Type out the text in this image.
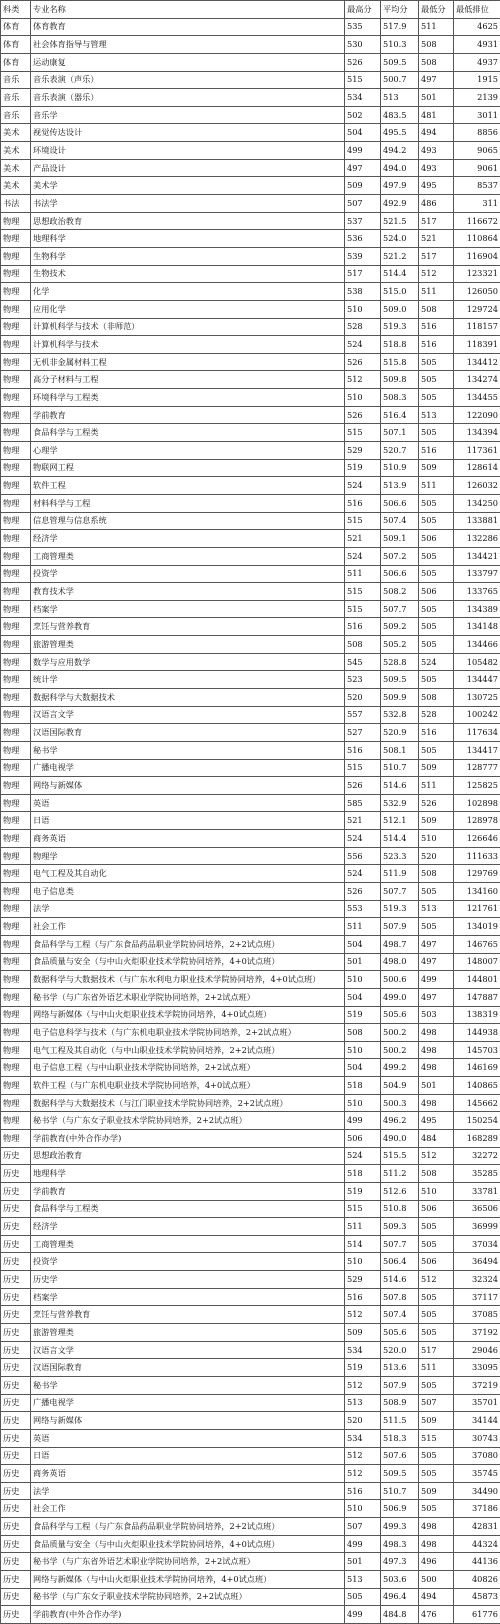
科类	专业名称	最高分	平均分	最低分	最低排位
体育	体育教育	535	517.9	511	4625
体育	社会体育指导与管理	530	510.3	508	4931
体育	运动康复	526	509.5	508	4937
音乐	音乐表演（声乐）	515	500.7	497	1915
音乐	音乐表演（器乐）	534	513	501	2139
音乐	音乐学	502	483.5	481	3011
美术	视觉传达设计	504	495.5	494	8856
美术	环境设计	499	494.2	493	9065
美术	产品设计	497	494.0	493	9061
美术	美术学	509	497.9	495	8537
书法	书法学	507	492.9	486	311
物理	思想政治教育	537	521.5	517	116672
物理	地理科学	536	524.0	521	110864
物理	生物科学	539	521.2	517	116904
物理	生物技术	517	514.4	512	123321
物理	化学	538	515.0	511	126050
物理	应用化学	510	509.0	508	129724
物理	计算机科学与技术（非师范）	528	519.3	516	118157
物理	计算机科学与技术	524	518.8	516	118391
物理	无机非金属材料工程	526	515.8	505	134412
物理	高分子材料与工程	512	509.8	505	134274
物理	环境科学与工程类	510	508.3	505	134455
物理	学前教育	526	516.4	513	122090
物理	食品科学与工程类	515	507.1	505	134394
物理	心理学	529	520.7	516	117361
物理	物联网工程	519	510.9	509	128614
物理	软件工程	524	513.9	511	126032
物理	材料科学与工程	516	506.6	505	134250
物理	信息管理与信息系统	515	507.4	505	133881
物理	经济学	521	509.1	506	132286
物理	工商管理类	524	507.2	505	134421
物理	投资学	511	506.6	505	133797
物理	教育技术学	515	508.2	506	133765
物理	档案学	515	507.7	505	134389
物理	烹饪与营养教育	516	509.2	505	134148
物理	旅游管理类	508	505.2	505	134466
物理	数学与应用数学	545	528.8	524	105482
物理	统计学	523	509.5	505	134447
物理	数据科学与大数据技术	520	509.9	508	130725
物理	汉语言文学	557	532.8	528	100242
物理	汉语国际教育	527	520.9	516	117634
物理	秘书学	516	508.1	505	134417
物理	广播电视学	515	510.7	509	128777
物理	网络与新媒体	526	514.6	511	125825
物理	英语	585	532.9	526	102898
物理	日语	521	512.1	509	128978
物理	商务英语	524	514.4	510	126646
物理	物理学	556	523.3	520	111633
物理	电气工程及其自动化	524	511.9	508	129769
物理	电子信息类	526	507.7	505	134160
物理	法学	553	519.3	513	121761
物理	社会工作	511	507.9	505	134019
物理	食品科学与工程（与广东食品药品职业学院协同培养，2+2试点班）	504	498.7	497	146765
物理	食品质量与安全（与中山火炬职业技术学院协同培养，4+0试点班）	501	498.0	497	148007
物理	数据科学与大数据技术（与广东水利电力职业技术学院协同培养，4+0试点班）	510	500.6	499	144801
物理	秘书学（与广东省外语艺术职业学院协同培养，2+2试点班）	504	499.0	497	147887
物理	网络与新媒体（与中山火炬职业技术学院协同培养，4+0试点班）	519	505.6	503	138319
物理	电子信息科学与技术（与广东机电职业技术学院协同培养，2+2试点班）	508	500.2	498	144938
物理	电气工程及其自动化（与中山职业技术学院协同培养，2+2试点班）	510	500.2	498	145703
物理	电子信息工程（与中山职业技术学院协同培养，2+2试点班）	504	499.2	498	146169
物理	软件工程（与广东机电职业技术学院协同培养，4+0试点班）	518	504.9	501	140865
物理	数据科学与大数据技术（与江门职业技术学院协同培养，2+2试点班）	510	500.3	498	145662
物理	秘书学（与广东女子职业技术学院协同培养，2+2试点班）	499	496.2	495	150254
物理	学前教育(中外合作办学)	506	490.0	484	168289
历史	思想政治教育	524	515.5	512	32272
历史	地理科学	518	511.2	508	35285
历史	学前教育	519	512.6	510	33781
历史	食品科学与工程类	515	510.8	506	36506
历史	经济学	511	509.3	505	36999
历史	工商管理类	514	507.7	505	37034
历史	投资学	510	506.4	506	36494
历史	历史学	529	514.6	512	32324
历史	档案学	516	507.8	505	37117
历史	烹饪与营养教育	512	507.4	505	37085
历史	旅游管理类	509	505.6	505	37192
历史	汉语言文学	534	520.0	517	29046
历史	汉语国际教育	519	513.6	511	33095
历史	秘书学	512	507.9	505	37219
历史	广播电视学	513	508.9	507	35701
历史	网络与新媒体	520	511.5	509	34144
历史	英语	534	518.3	515	30743
历史	日语	512	507.6	505	37080
历史	商务英语	512	509.5	505	35745
历史	法学	516	510.7	509	34490
历史	社会工作	510	506.9	505	37186
历史	食品科学与工程（与广东食品药品职业学院协同培养，2+2试点班）	507	499.3	498	42831
历史	食品质量与安全（与中山火炬职业技术学院协同培养，4+0试点班）	499	498.3	498	44324
历史	秘书学（与广东省外语艺术职业学院协同培养，2+2试点班）	501	497.3	496	44136
历史	网络与新媒体（与中山火炬职业技术学院协同培养，4+0试点班）	513	503.6	500	40826
历史	秘书学（与广东女子职业技术学院协同培养，2+2试点班）	505	496.4	494	45873
历史	学前教育(中外合作办学)	499	484.8	476	61776
